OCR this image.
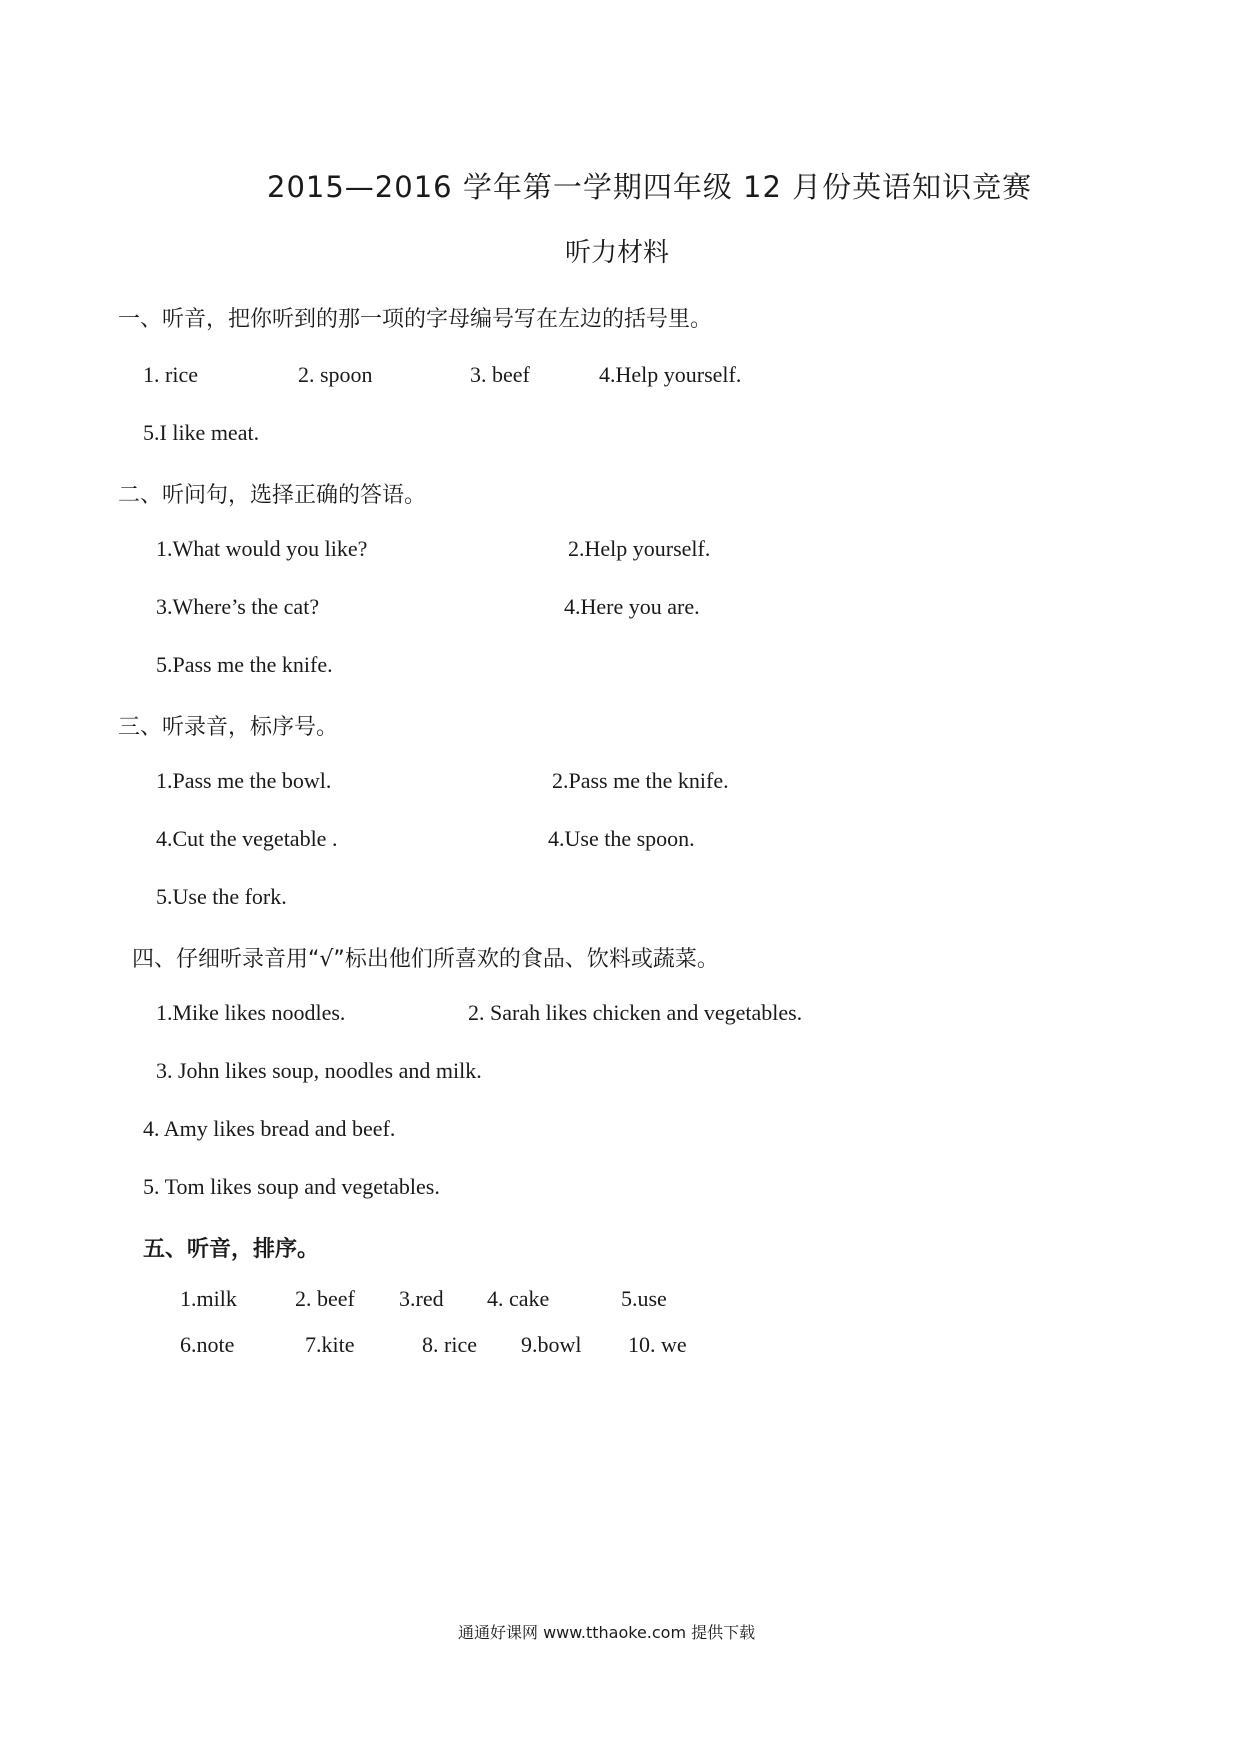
2015—2016 学年第一学期四年级 12 月份英语知识竞赛
听力材料
一、听音，把你听到的那一项的字母编号写在左边的括号里。
1. rice	2. spoon	3. beef	4.Help yourself.
5.I like meat.
二、听问句，选择正确的答语。
1.What would you like?	2.Help yourself.
3.Where’s the cat?	4.Here you are.
5.Pass me the knife.
三、听录音，标序号。
1.Pass me the bowl.	2.Pass me the knife.
4.Cut the vegetable .	4.Use the spoon.
5.Use the fork.
四、仔细听录音用“√”标出他们所喜欢的食品、饮料或蔬菜。
1.Mike likes noodles.	2. Sarah likes chicken and vegetables.
3. John likes soup, noodles and milk.
4. Amy likes bread and beef.
5. Tom likes soup and vegetables.
五、听音，排序。
1.milk	2. beef 3.red 4. cake	5.use
6.note	7.kite	8. rice 9.bowl 10. we
通通好课网 www.tthaoke.com 提供下载
